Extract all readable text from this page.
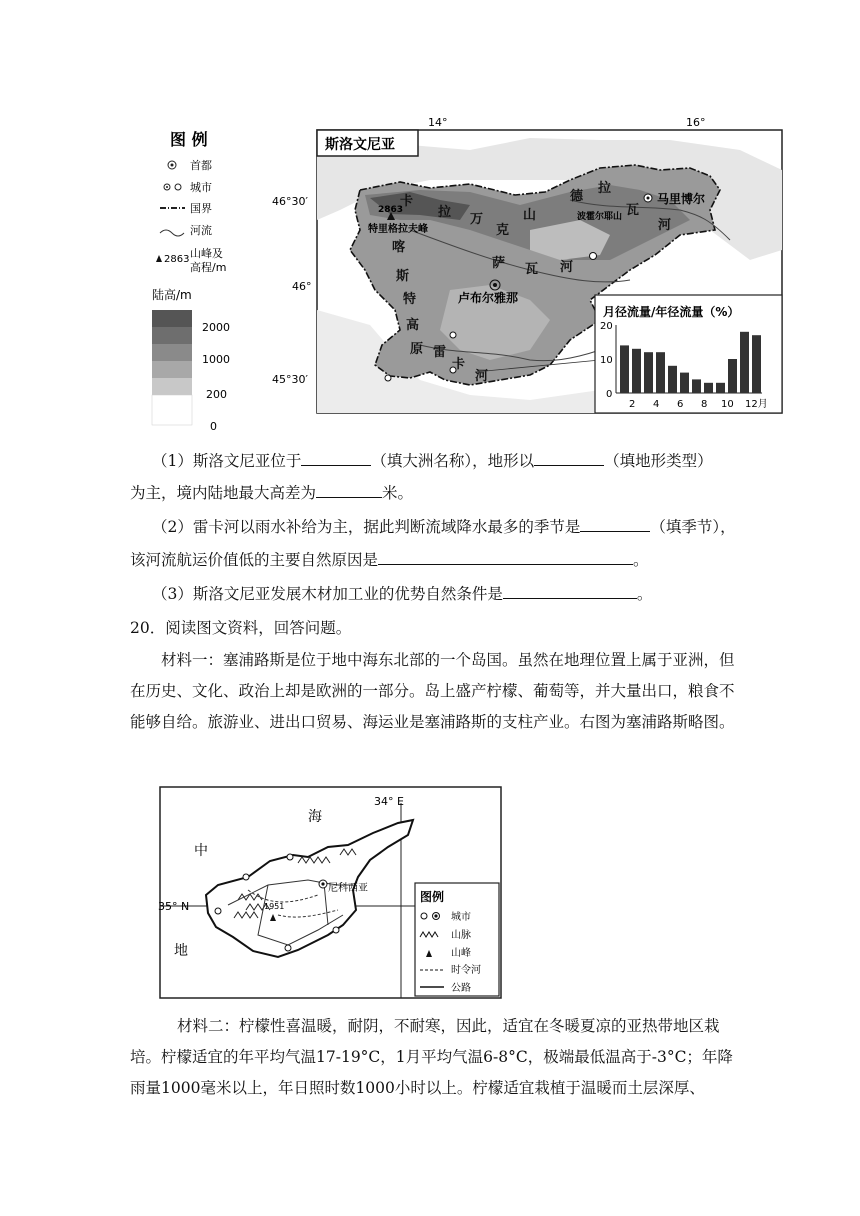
图 例
首都
城市
国界
河流
2863 山峰及
高程/m
陆高/m
2000
1000
200
0
14°	16°
46°30′
46°
45°30′
2863
特里格拉夫峰
卢布尔雅那
马里博尔
卡
拉 万
克
山
德
拉
瓦
河
萨 瓦 河
喀
斯
特
高
原 雷
卡
河
波霍尔耶山
斯洛文尼亚
月径流量/年径流量（%）
20
10
0
2 4 6 8 10 12月
（1）斯洛文尼亚位于	（填大洲名称），地形以	（填地形类型）
为主，境内陆地最大高差为	米。
（2）雷卡河以雨水补给为主，据此判断流域降水最多的季节是	（填季节），
该河流航运价值低的主要自然原因是	。
（3）斯洛文尼亚发展木材加工业的优势自然条件是	。
20．阅读图文资料，回答问题。
材料一：塞浦路斯是位于地中海东北部的一个岛国。虽然在地理位置上属于亚洲，但在历史、文化、政治上却是欧洲的一部分。岛上盛产柠檬、葡萄等，并大量出口，粮食不能够自给。旅游业、进出口贸易、海运业是塞浦路斯的支柱产业。右图为塞浦路斯略图。
海
中
地
34° E
35° N	1951
尼科西亚
图例
城市
山脉
山峰
时令河
公路
材料二：柠檬性喜温暖，耐阴，不耐寒，因此，适宜在冬暖夏凉的亚热带地区栽培。柠檬适宜的年平均气温17-19°C，1月平均气温6-8°C，极端最低温高于-3°C；年降雨量1000毫米以上，年日照时数1000小时以上。柠檬适宜栽植于温暖而土层深厚、
